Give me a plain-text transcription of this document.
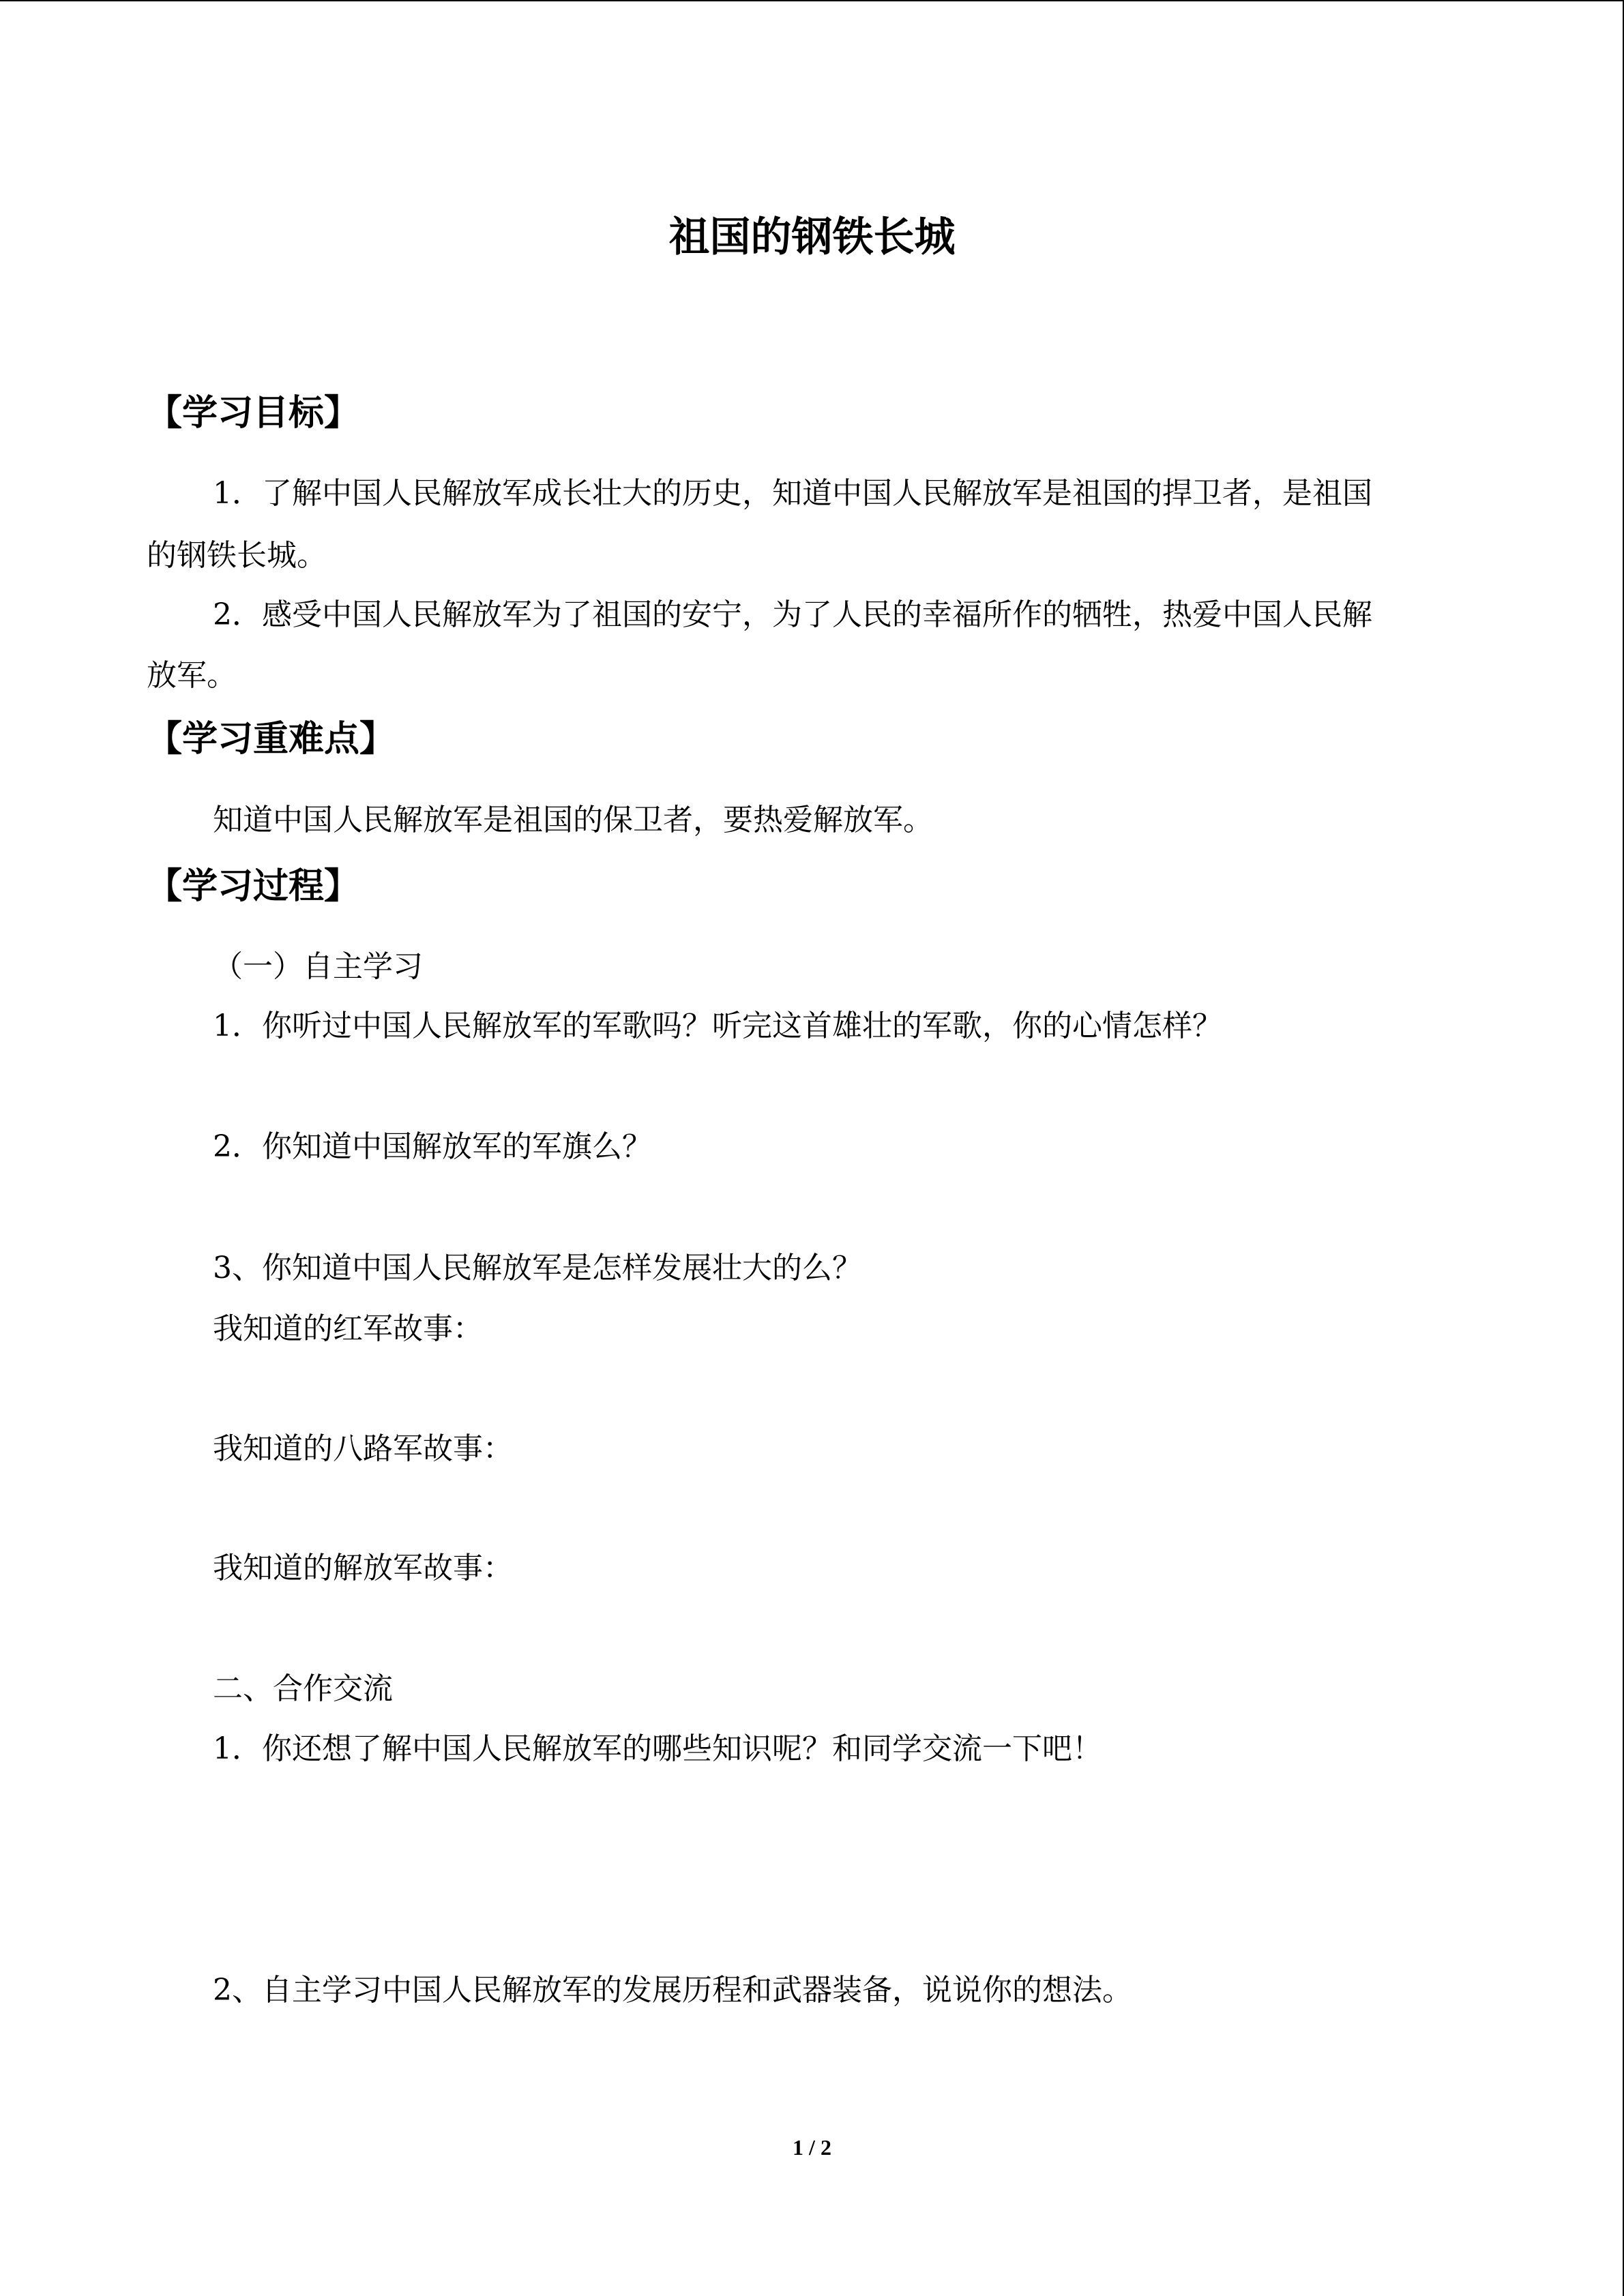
祖国的钢铁长城
【学习目标】
1．了解中国人民解放军成长壮大的历史，知道中国人民解放军是祖国的捍卫者，是祖国
的钢铁长城。
2．感受中国人民解放军为了祖国的安宁，为了人民的幸福所作的牺牲，热爱中国人民解
放军。
【学习重难点】
知道中国人民解放军是祖国的保卫者，要热爱解放军。
【学习过程】
（一）自主学习
1．你听过中国人民解放军的军歌吗？听完这首雄壮的军歌，你的心情怎样？
2．你知道中国解放军的军旗么？
3、你知道中国人民解放军是怎样发展壮大的么？
我知道的红军故事：
我知道的八路军故事：
我知道的解放军故事：
二、合作交流
1．你还想了解中国人民解放军的哪些知识呢？和同学交流一下吧！
2、自主学习中国人民解放军的发展历程和武器装备，说说你的想法。
1 / 2
